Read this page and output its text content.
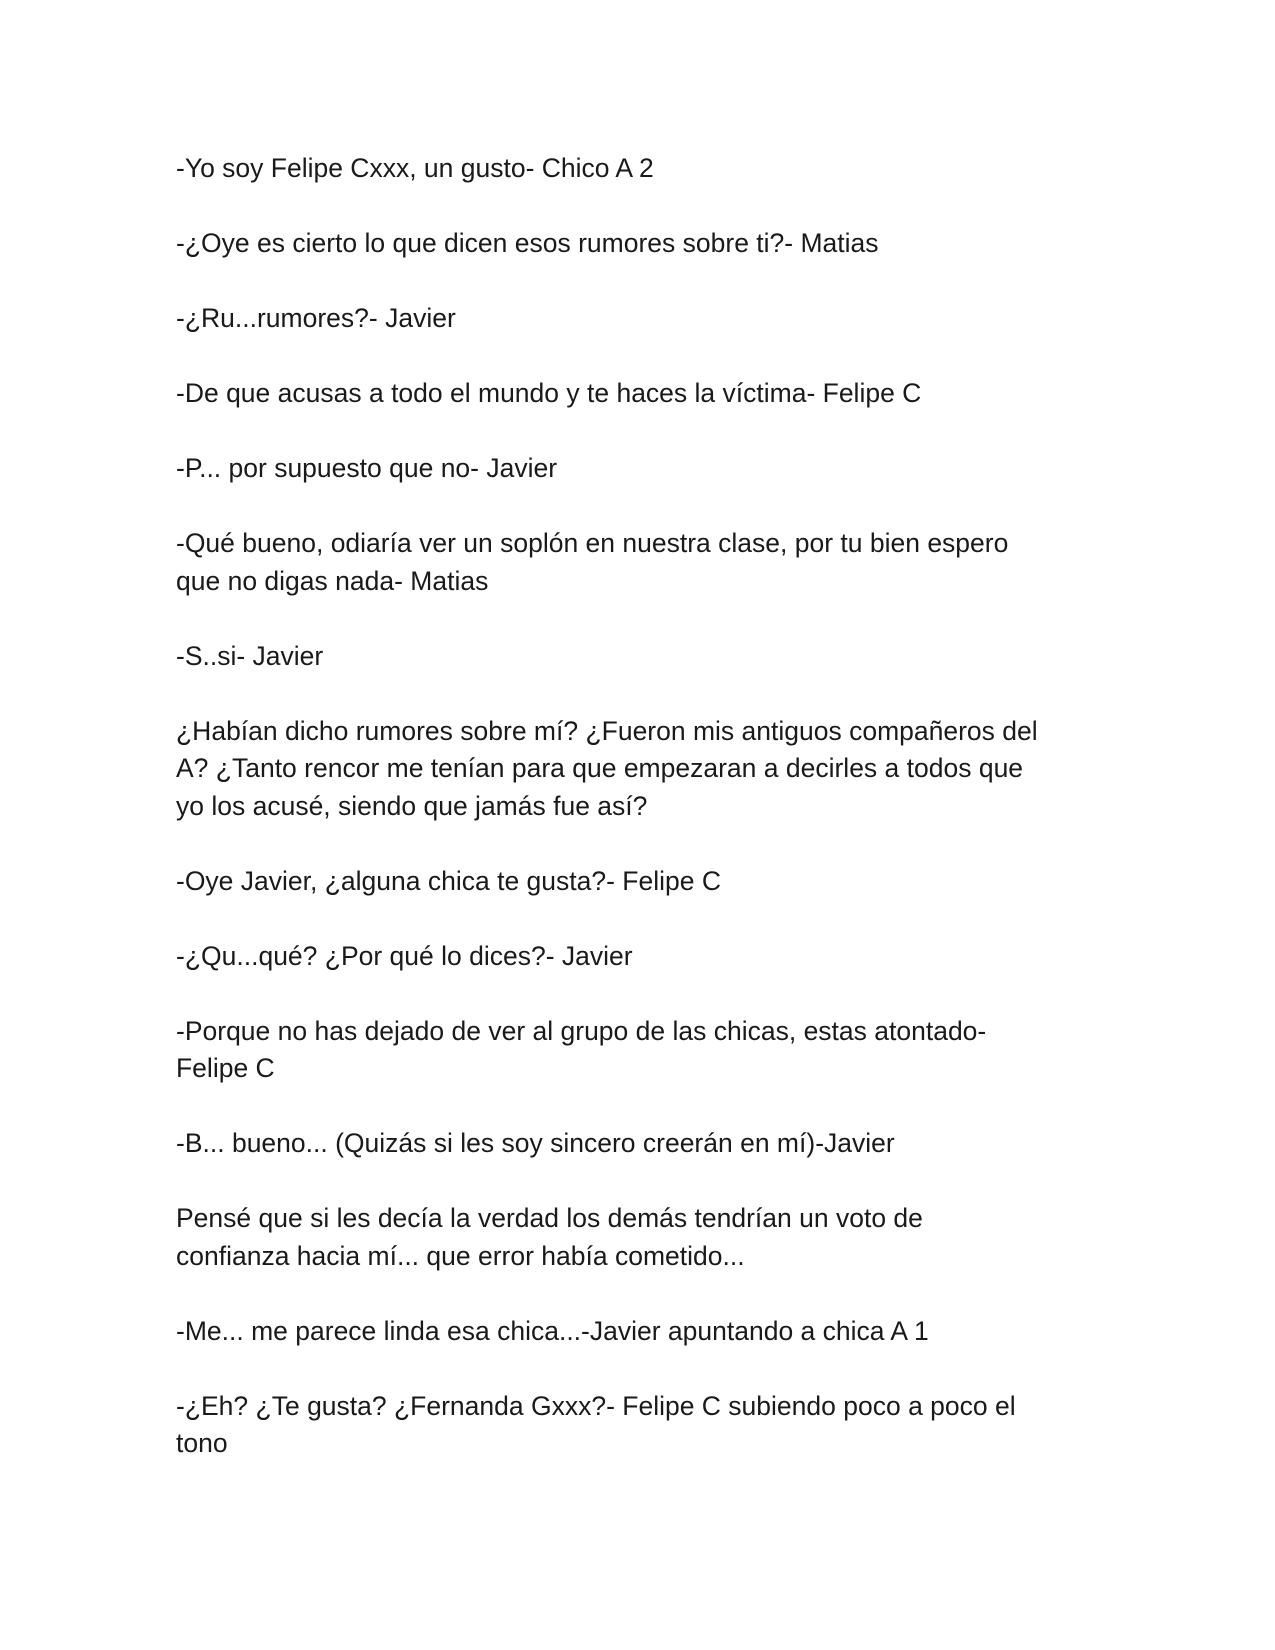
-Yo soy Felipe Cxxx, un gusto- Chico A 2

-¿Oye es cierto lo que dicen esos rumores sobre ti?- Matias

-¿Ru...rumores?- Javier

-De que acusas a todo el mundo y te haces la víctima- Felipe C

-P... por supuesto que no- Javier

-Qué bueno, odiaría ver un soplón en nuestra clase, por tu bien espero
que no digas nada- Matias

-S..si- Javier

¿Habían dicho rumores sobre mí? ¿Fueron mis antiguos compañeros del
A? ¿Tanto rencor me tenían para que empezaran a decirles a todos que
yo los acusé, siendo que jamás fue así?

-Oye Javier, ¿alguna chica te gusta?- Felipe C

-¿Qu...qué? ¿Por qué lo dices?- Javier

-Porque no has dejado de ver al grupo de las chicas, estas atontado-
Felipe C

-B... bueno... (Quizás si les soy sincero creerán en mí)-Javier

Pensé que si les decía la verdad los demás tendrían un voto de
confianza hacia mí... que error había cometido...

-Me... me parece linda esa chica...-Javier apuntando a chica A 1

-¿Eh? ¿Te gusta? ¿Fernanda Gxxx?- Felipe C subiendo poco a poco el
tono
